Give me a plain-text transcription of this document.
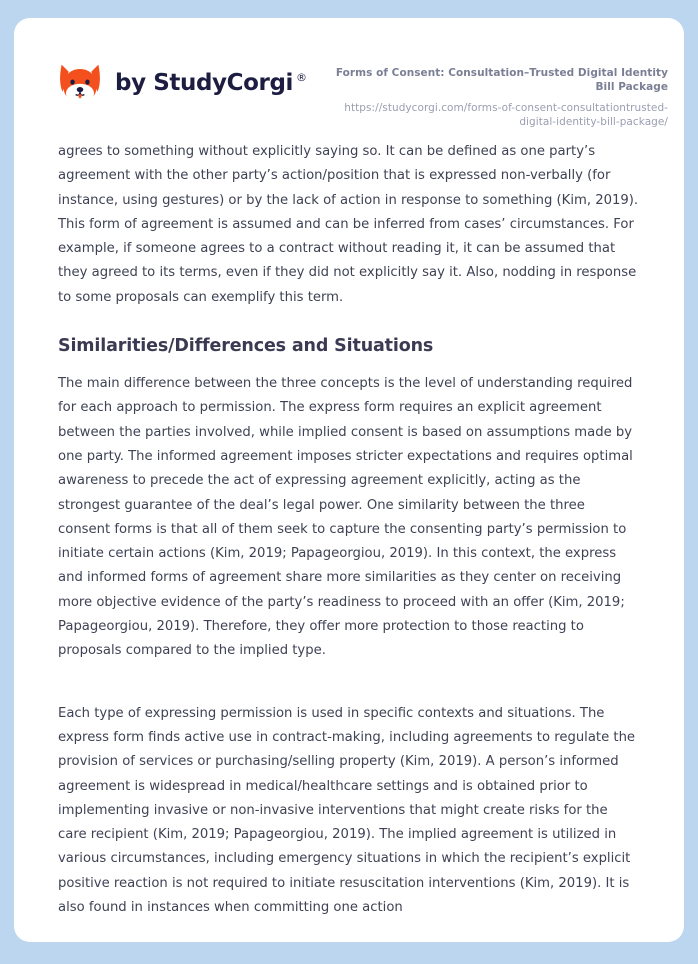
by StudyCorgi ®	Forms of Consent: Consultation–Trusted Digital Identity Bill Package
https://studycorgi.com/forms-of-consent-consultationtrusted-digital-identity-bill-package/

agrees to something without explicitly saying so. It can be defined as one party’s agreement with the other party’s action/position that is expressed non-verbally (for instance, using gestures) or by the lack of action in response to something (Kim, 2019). This form of agreement is assumed and can be inferred from cases’ circumstances. For example, if someone agrees to a contract without reading it, it can be assumed that they agreed to its terms, even if they did not explicitly say it. Also, nodding in response to some proposals can exemplify this term.

Similarities/Differences and Situations

The main difference between the three concepts is the level of understanding required for each approach to permission. The express form requires an explicit agreement between the parties involved, while implied consent is based on assumptions made by one party. The informed agreement imposes stricter expectations and requires optimal awareness to precede the act of expressing agreement explicitly, acting as the strongest guarantee of the deal’s legal power. One similarity between the three consent forms is that all of them seek to capture the consenting party’s permission to initiate certain actions (Kim, 2019; Papageorgiou, 2019). In this context, the express and informed forms of agreement share more similarities as they center on receiving more objective evidence of the party’s readiness to proceed with an offer (Kim, 2019; Papageorgiou, 2019). Therefore, they offer more protection to those reacting to proposals compared to the implied type.

Each type of expressing permission is used in specific contexts and situations. The express form finds active use in contract-making, including agreements to regulate the provision of services or purchasing/selling property (Kim, 2019). A person’s informed agreement is widespread in medical/healthcare settings and is obtained prior to implementing invasive or non-invasive interventions that might create risks for the care recipient (Kim, 2019; Papageorgiou, 2019). The implied agreement is utilized in various circumstances, including emergency situations in which the recipient’s explicit positive reaction is not required to initiate resuscitation interventions (Kim, 2019). It is also found in instances when committing one action
